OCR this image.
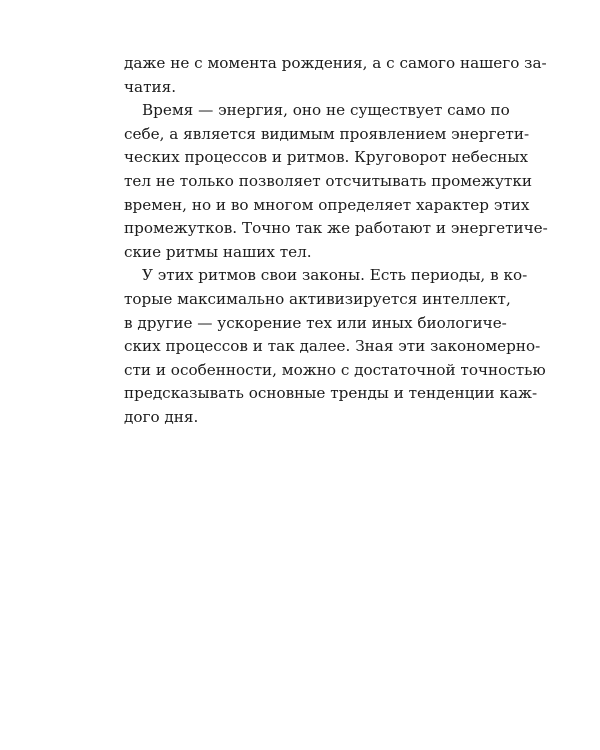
даже не с момента рождения, а с самого нашего за-
чатия.
Время — энергия, оно не существует само по
себе, а является видимым проявлением энергети-
ческих процессов и ритмов. Круговорот небесных
тел не только позволяет отсчитывать промежутки
времен, но и во многом определяет характер этих
промежутков. Точно так же работают и энергетиче-
ские ритмы наших тел.
У этих ритмов свои законы. Есть периоды, в ко-
торые максимально активизируется интеллект,
в другие — ускорение тех или иных биологиче-
ских процессов и так далее. Зная эти закономерно-
сти и особенности, можно с достаточной точностью
предсказывать основные тренды и тенденции каж-
дого дня.
